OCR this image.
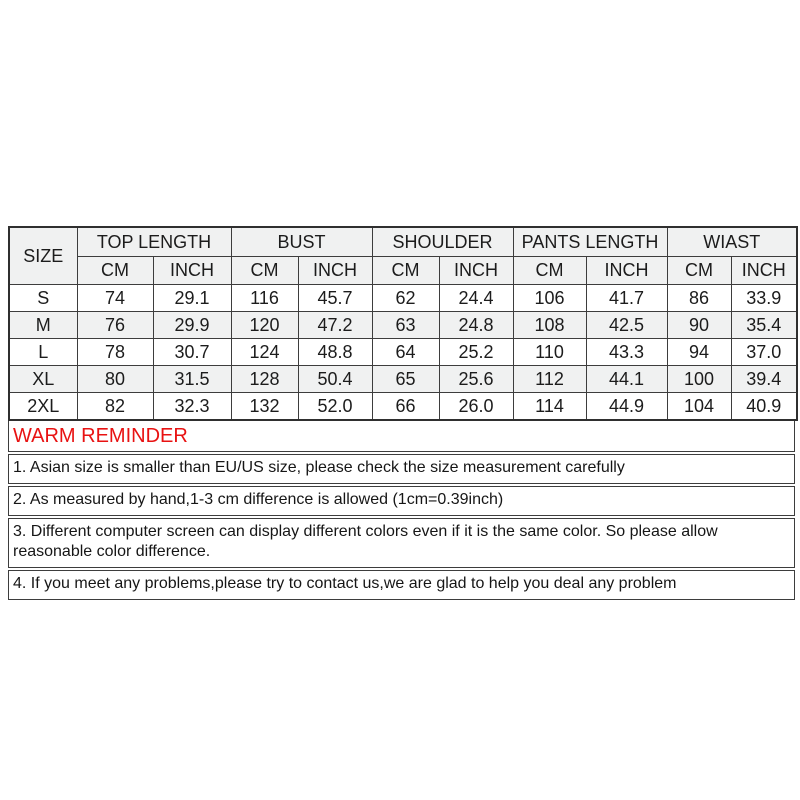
SIZE	TOP LENGTH		BUST		SHOULDER		PANTS LENGTH		WIAST	
	CM	INCH	CM	INCH	CM	INCH	CM	INCH	CM	INCH
S	74	29.1	116	45.7	62	24.4	106	41.7	86	33.9
M	76	29.9	120	47.2	63	24.8	108	42.5	90	35.4
L	78	30.7	124	48.8	64	25.2	110	43.3	94	37.0
XL	80	31.5	128	50.4	65	25.6	112	44.1	100	39.4
2XL	82	32.3	132	52.0	66	26.0	114	44.9	104	40.9
WARM REMINDER
1. Asian size is smaller than EU/US size, please check the size measurement carefully
2. As measured by hand,1-3 cm difference is allowed (1cm=0.39inch)
3. Different computer screen can display different colors even if it is the same color. So please allow reasonable color difference.
4. If you meet any problems,please try to contact us,we are glad to help you deal any problem
